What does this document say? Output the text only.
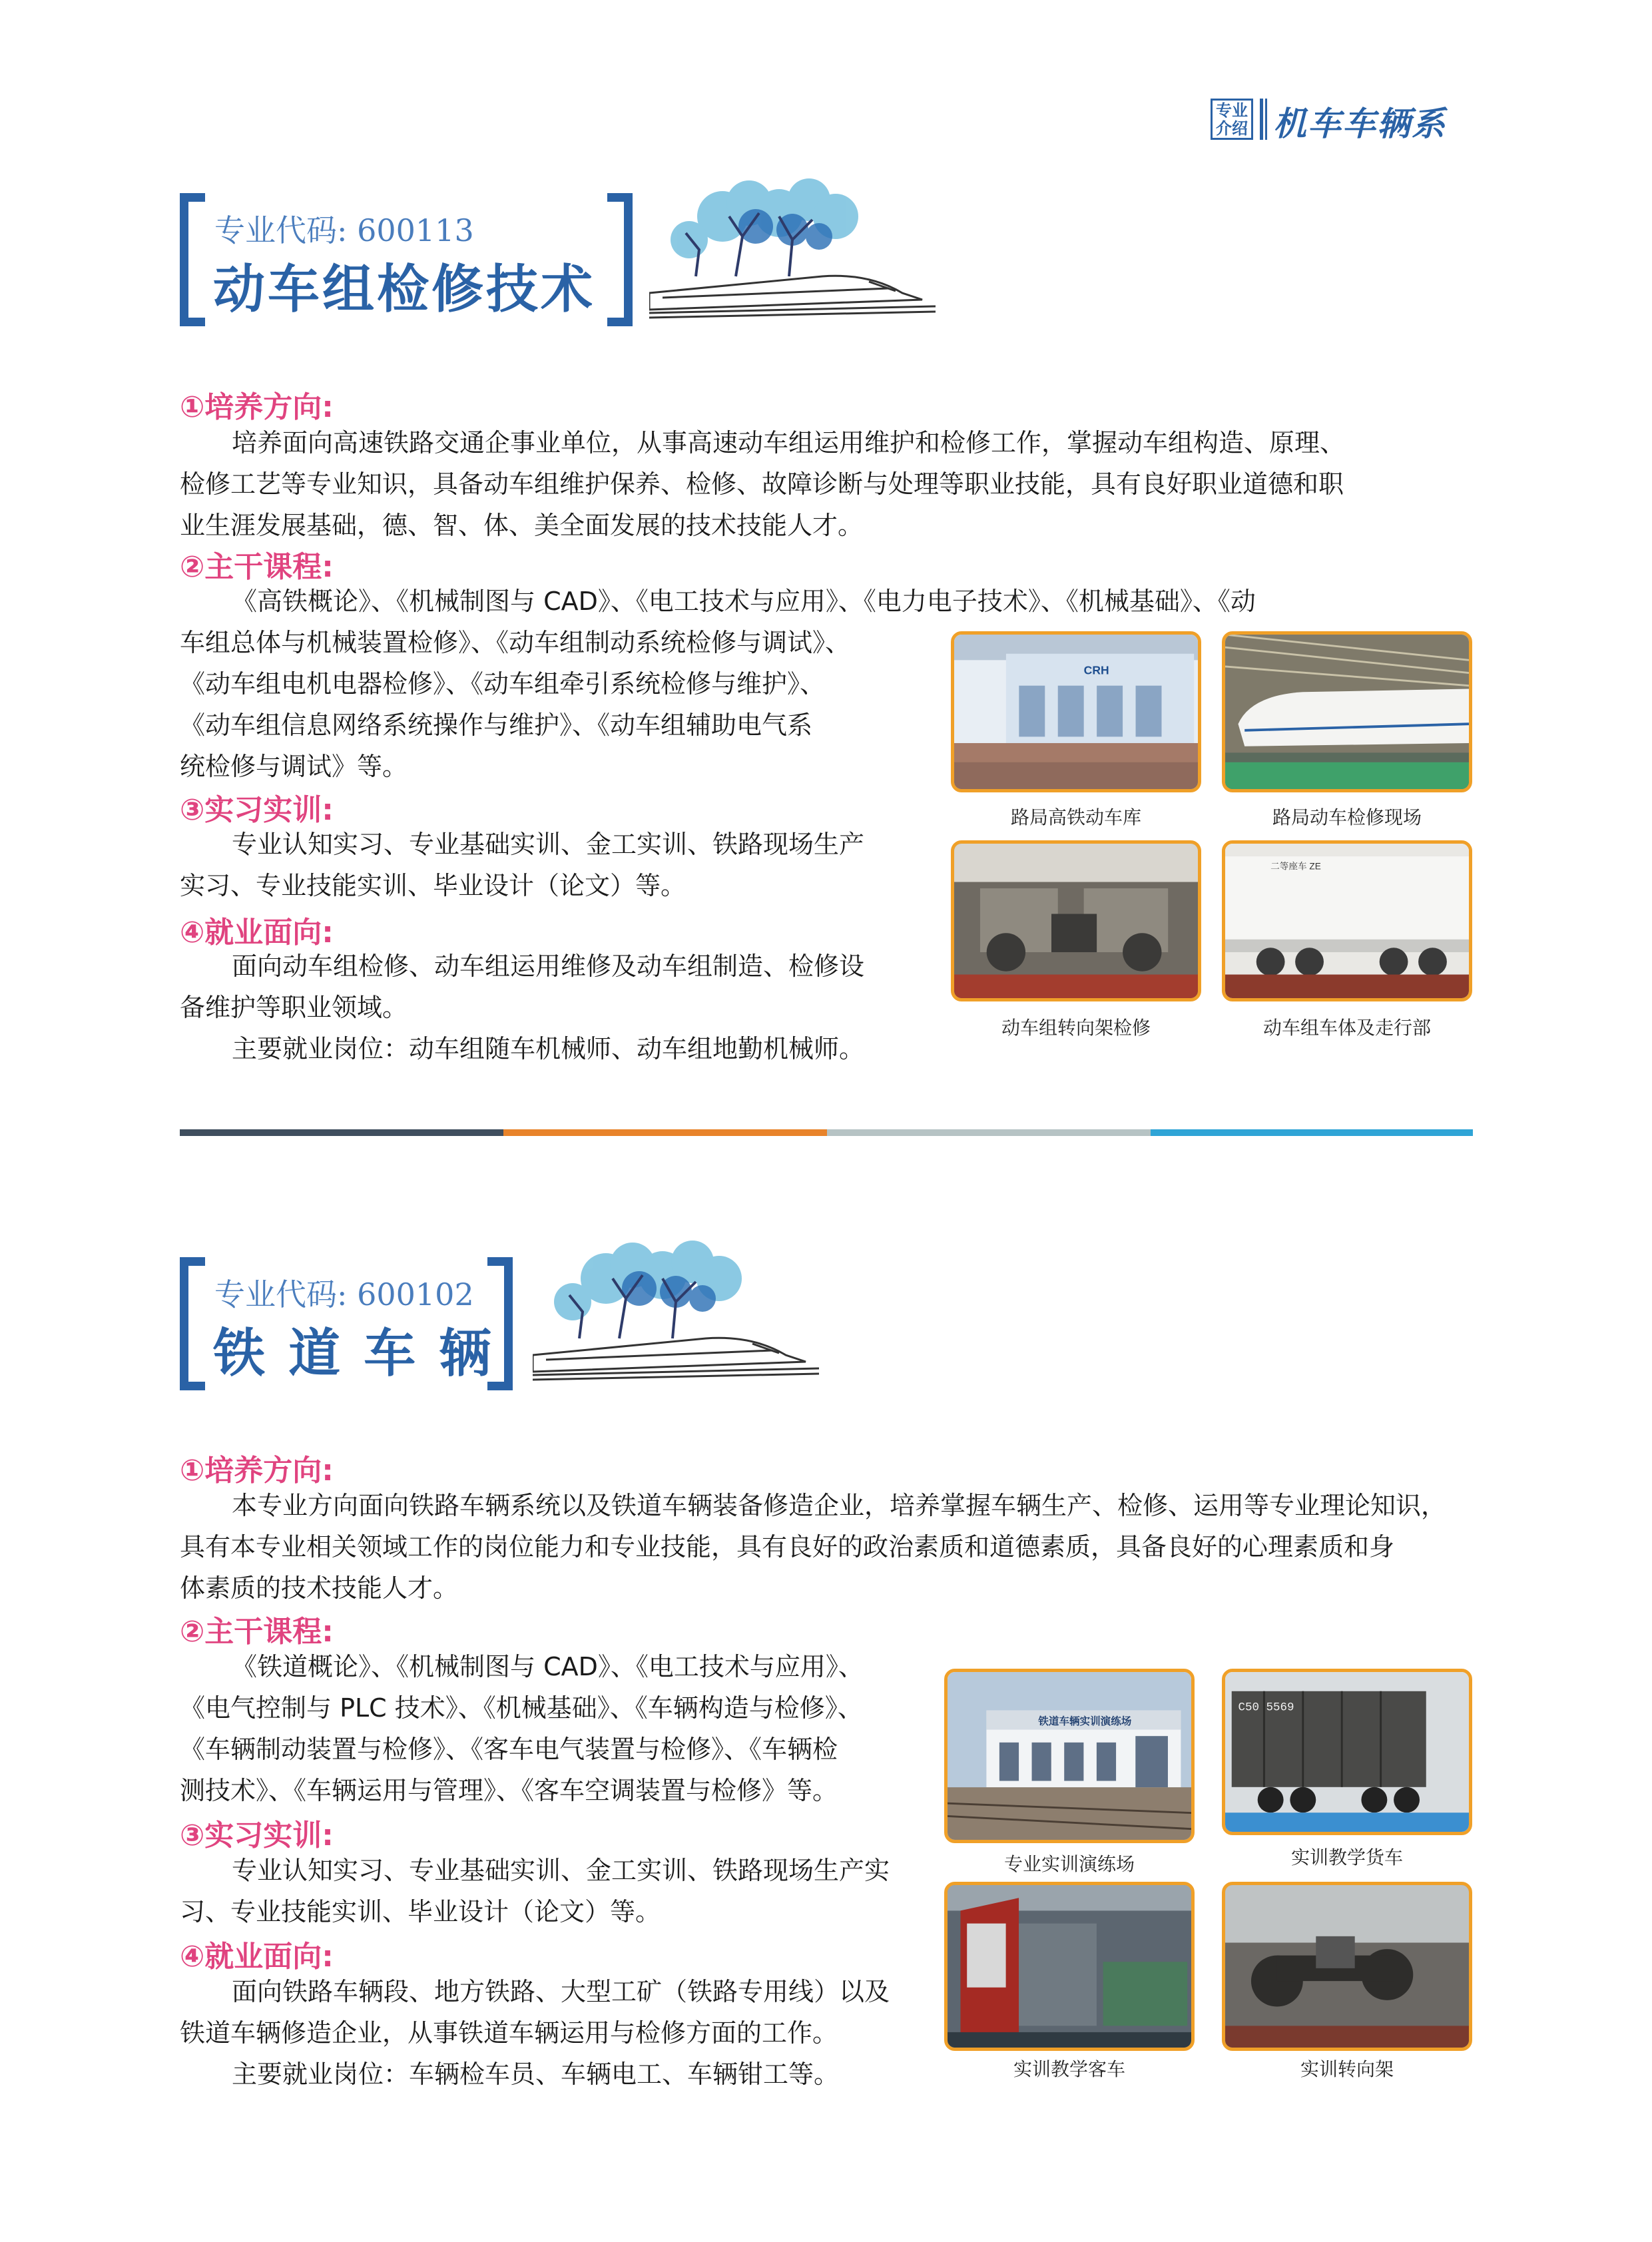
专业
介绍 机车车辆系
专业代码: 600113
动车组检修技术
①培养方向:
培养面向高速铁路交通企事业单位，从事高速动车组运用维护和检修工作，掌握动车组构造、原理、
检修工艺等专业知识，具备动车组维护保养、检修、故障诊断与处理等职业技能，具有良好职业道德和职
业生涯发展基础，德、智、体、美全面发展的技术技能人才。
②主干课程:
《高铁概论》、《机械制图与 CAD》、《电工技术与应用》、《电力电子技术》、《机械基础》、《动
车组总体与机械装置检修》、《动车组制动系统检修与调试》、
《动车组电机电器检修》、《动车组牵引系统检修与维护》、
《动车组信息网络系统操作与维护》、《动车组辅助电气系
统检修与调试》等。
③实习实训:
专业认知实习、专业基础实训、金工实训、铁路现场生产
实习、专业技能实训、毕业设计（论文）等。
④就业面向:
面向动车组检修、动车组运用维修及动车组制造、检修设
备维护等职业领域。
主要就业岗位：动车组随车机械师、动车组地勤机械师。
CRH
路局高铁动车库	路局动车检修现场
动车组转向架检修
二等座车 ZE
动车组车体及走行部
专业代码: 600102
铁 道 车 辆
①培养方向:
本专业方向面向铁路车辆系统以及铁道车辆装备修造企业，培养掌握车辆生产、检修、运用等专业理论知识，
具有本专业相关领域工作的岗位能力和专业技能，具有良好的政治素质和道德素质，具备良好的心理素质和身
体素质的技术技能人才。
②主干课程:
《铁道概论》、《机械制图与 CAD》、《电工技术与应用》、
《电气控制与 PLC 技术》、《机械基础》、《车辆构造与检修》、
《车辆制动装置与检修》、《客车电气装置与检修》、《车辆检
测技术》、《车辆运用与管理》、《客车空调装置与检修》等。
③实习实训:
专业认知实习、专业基础实训、金工实训、铁路现场生产实
习、专业技能实训、毕业设计（论文）等。
④就业面向:
面向铁路车辆段、地方铁路、大型工矿（铁路专用线）以及
铁道车辆修造企业，从事铁道车辆运用与检修方面的工作。
主要就业岗位：车辆检车员、车辆电工、车辆钳工等。
铁道车辆实训演练场
专业实训演练场
C50 5569
实训教学货车
实训教学客车	实训转向架
